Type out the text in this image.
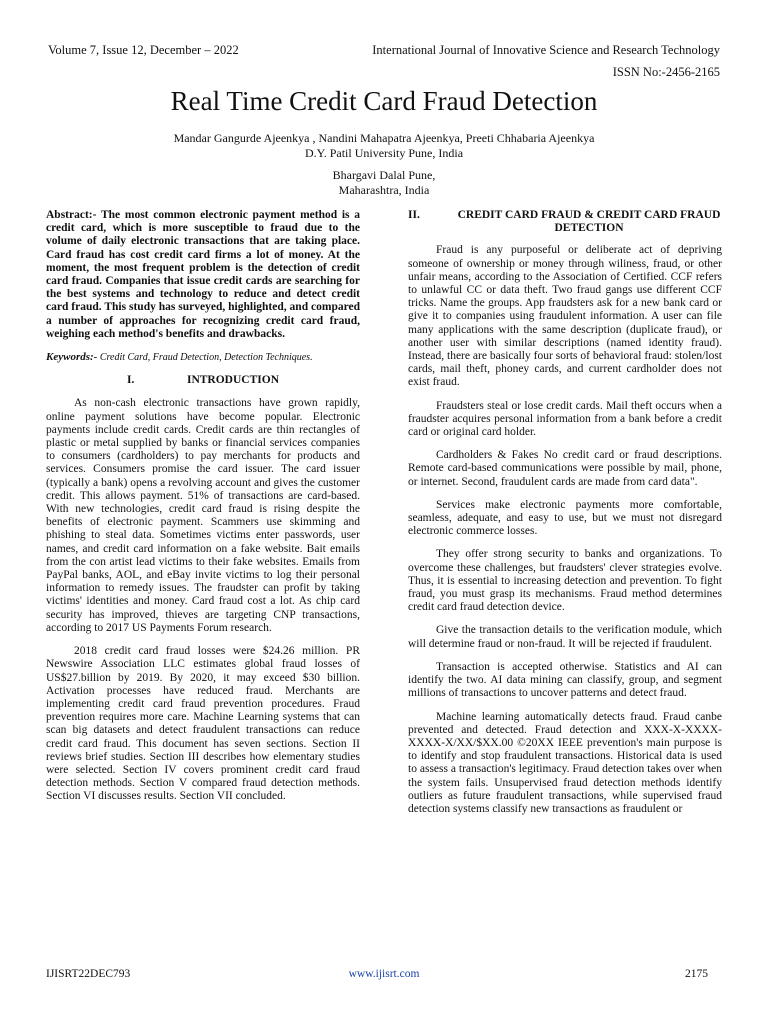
Volume 7, Issue 12, December – 2022	International Journal of Innovative Science and Research Technology
ISSN No:-2456-2165
Real Time Credit Card Fraud Detection
Mandar Gangurde Ajeenkya , Nandini Mahapatra Ajeenkya, Preeti Chhabaria Ajeenkya
D.Y. Patil University Pune, India
Bhargavi Dalal Pune,
Maharashtra, India

Abstract:- The most common electronic payment method is a credit card, which is more susceptible to fraud due to the volume of daily electronic transactions that are taking place. Card fraud has cost credit card firms a lot of money. At the moment, the most frequent problem is the detection of credit card fraud. Companies that issue credit cards are searching for the best systems and technology to reduce and detect credit card fraud. This study has surveyed, highlighted, and compared a number of approaches for recognizing credit card fraud, weighing each method's benefits and drawbacks.

Keywords:- Credit Card, Fraud Detection, Detection Techniques.

I.	INTRODUCTION

As non-cash electronic transactions have grown rapidly, online payment solutions have become popular. Electronic payments include credit cards. Credit cards are thin rectangles of plastic or metal supplied by banks or financial services companies to consumers (cardholders) to pay merchants for products and services. Consumers promise the card issuer. The card issuer (typically a bank) opens a revolving account and gives the customer credit. This allows payment. 51% of transactions are card-based. With new technologies, credit card fraud is rising despite the benefits of electronic payment. Scammers use skimming and phishing to steal data. Sometimes victims enter passwords, user names, and credit card information on a fake website. Bait emails from the con artist lead victims to their fake websites. Emails from PayPal banks, AOL, and eBay invite victims to log their personal information to remedy issues. The fraudster can profit by taking victims' identities and money. Card fraud cost a lot. As chip card security has improved, thieves are targeting CNP transactions, according to 2017 US Payments Forum research.

2018 credit card fraud losses were $24.26 million. PR Newswire Association LLC estimates global fraud losses of US$27.billion by 2019. By 2020, it may exceed $30 billion. Activation processes have reduced fraud. Merchants are implementing credit card fraud prevention procedures. Fraud prevention requires more care. Machine Learning systems that can scan big datasets and detect fraudulent transactions can reduce credit card fraud. This document has seven sections. Section II reviews brief studies. Section III describes how elementary studies were selected. Section IV covers prominent credit card fraud detection methods. Section V compared fraud detection methods. Section VI discusses results. Section VII concluded.

II.	CREDIT CARD FRAUD & CREDIT CARD FRAUD DETECTION

Fraud is any purposeful or deliberate act of depriving someone of ownership or money through wiliness, fraud, or other unfair means, according to the Association of Certified. CCF refers to unlawful CC or data theft. Two fraud gangs use different CCF tricks. Name the groups. App fraudsters ask for a new bank card or give it to companies using fraudulent information. A user can file many applications with the same description (duplicate fraud), or another user with similar descriptions (named identity fraud). Instead, there are basically four sorts of behavioral fraud: stolen/lost cards, mail theft, phoney cards, and current cardholder does not exist fraud.

Fraudsters steal or lose credit cards. Mail theft occurs when a fraudster acquires personal information from a bank before a credit card or original card holder.

Cardholders & Fakes No credit card or fraud descriptions. Remote card-based communications were possible by mail, phone, or internet. Second, fraudulent cards are made from card data".

Services make electronic payments more comfortable, seamless, adequate, and easy to use, but we must not disregard electronic commerce losses.

They offer strong security to banks and organizations. To overcome these challenges, but fraudsters' clever strategies evolve. Thus, it is essential to increasing detection and prevention. To fight fraud, you must grasp its mechanisms. Fraud method determines credit card fraud detection device.

Give the transaction details to the verification module, which will determine fraud or non-fraud. It will be rejected if fraudulent.

Transaction is accepted otherwise. Statistics and AI can identify the two. AI data mining can classify, group, and segment millions of transactions to uncover patterns and detect fraud.

Machine learning automatically detects fraud. Fraud canbe prevented and detected. Fraud detection and XXX-X-XXXX-XXXX-X/XX/$XX.00 ©20XX IEEE prevention's main purpose is to identify and stop fraudulent transactions. Historical data is used to assess a transaction's legitimacy. Fraud detection takes over when the system fails. Unsupervised fraud detection methods identify outliers as future fraudulent transactions, while supervised fraud detection systems classify new transactions as fraudulent or

IJISRT22DEC793	www.ijisrt.com	2175
